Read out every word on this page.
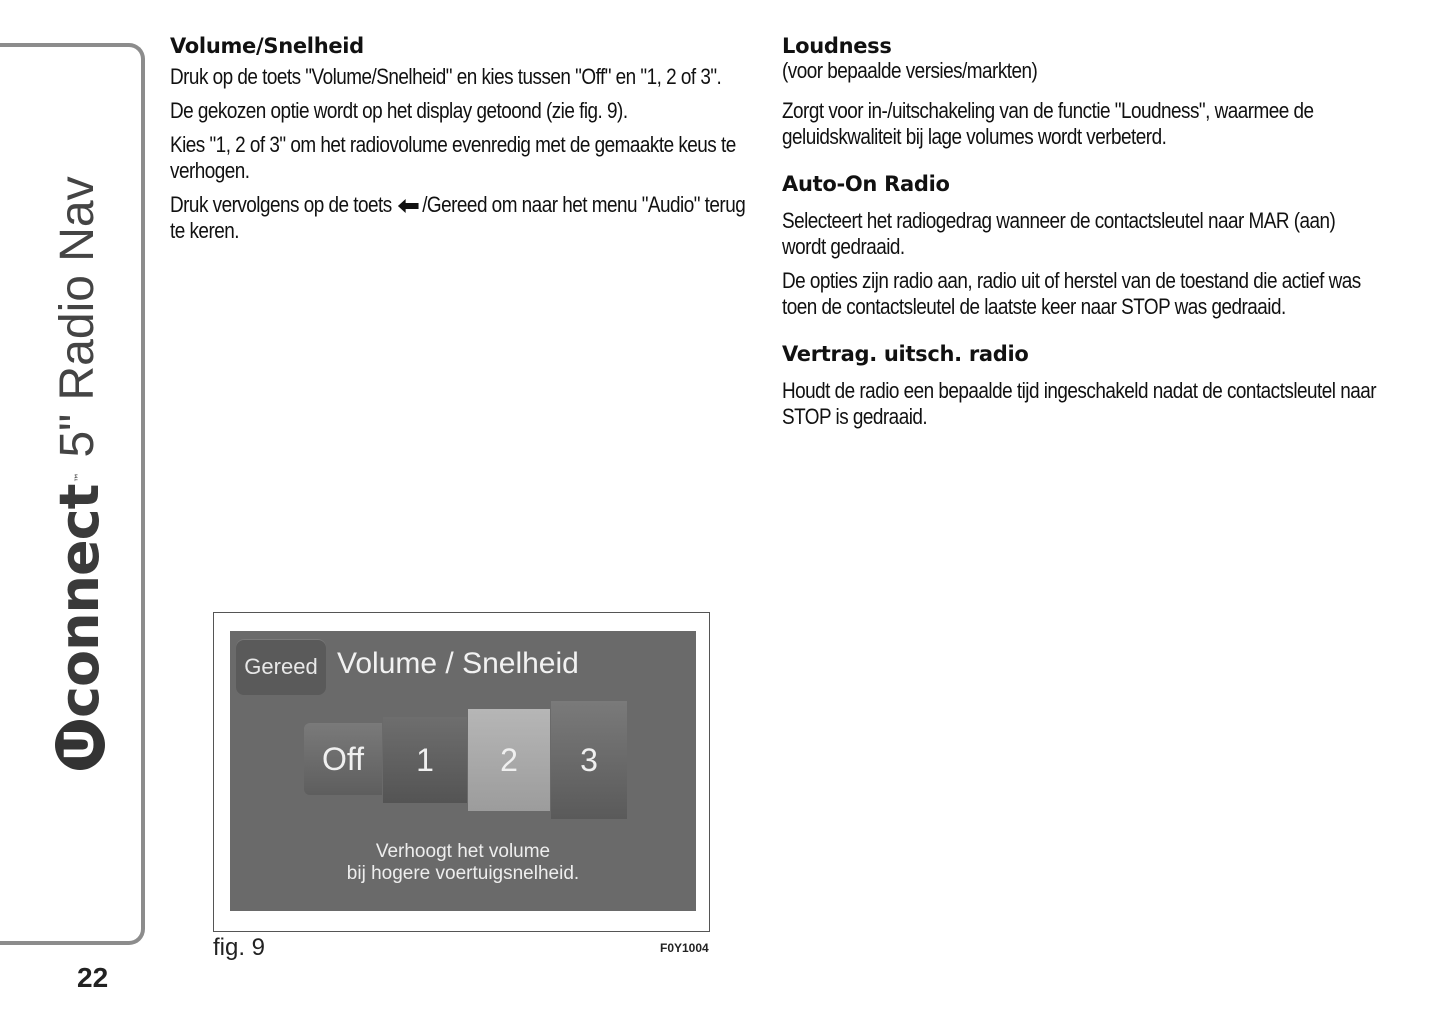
U
connect
™
5" Radio Nav
22
Volume/Snelheid

Druk op de toets "Volume/Snelheid" en kies tussen "Off" en "1, 2 of 3".

De gekozen optie wordt op het display getoond (zie fig. 9).

Kies "1, 2 of 3" om het radiovolume evenredig met de gemaakte keus te verhogen.

Druk vervolgens op de toets /Gereed om naar het menu "Audio" terug te keren.

Loudness

(voor bepaalde versies/markten)

Zorgt voor in-/uitschakeling van de functie "Loudness", waarmee de geluidskwaliteit bij lage volumes wordt verbeterd.

Auto-On Radio

Selecteert het radiogedrag wanneer de contactsleutel naar MAR (aan) wordt gedraaid.

De opties zijn radio aan, radio uit of herstel van de toestand die actief was toen de contactsleutel de laatste keer naar STOP was gedraaid.

Vertrag. uitsch. radio

Houdt de radio een bepaalde tijd ingeschakeld nadat de contactsleutel naar STOP is gedraaid.

Gereed Volume / Snelheid
Off	1	2	3
Verhoogt het volume
bij hogere voertuigsnelheid.
fig. 9	F0Y1004
